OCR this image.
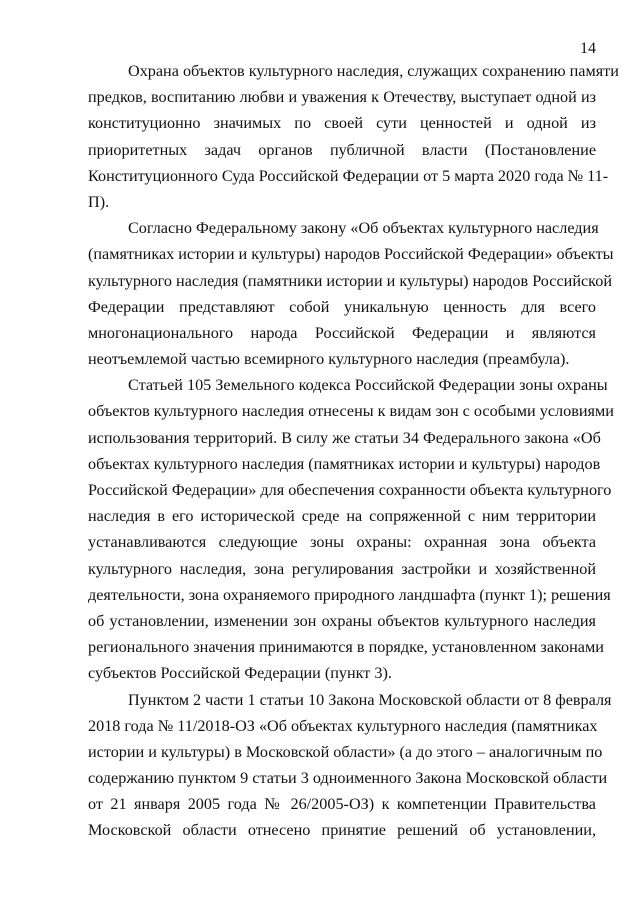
14
Охрана объектов культурного наследия, служащих сохранению памяти
предков, воспитанию любви и уважения к Отечеству, выступает одной из
конституционно значимых по своей сути ценностей и одной из
приоритетных задач органов публичной власти (Постановление
Конституционного Суда Российской Федерации от 5 марта 2020 года № 11-
П).
Согласно Федеральному закону «Об объектах культурного наследия
(памятниках истории и культуры) народов Российской Федерации» объекты
культурного наследия (памятники истории и культуры) народов Российской
Федерации представляют собой уникальную ценность для всего
многонационального народа Российской Федерации и являются
неотъемлемой частью всемирного культурного наследия (преамбула).
Статьей 105 Земельного кодекса Российской Федерации зоны охраны
объектов культурного наследия отнесены к видам зон с особыми условиями
использования территорий. В силу же статьи 34 Федерального закона «Об
объектах культурного наследия (памятниках истории и культуры) народов
Российской Федерации» для обеспечения сохранности объекта культурного
наследия в его исторической среде на сопряженной с ним территории
устанавливаются следующие зоны охраны: охранная зона объекта
культурного наследия, зона регулирования застройки и хозяйственной
деятельности, зона охраняемого природного ландшафта (пункт 1); решения
об установлении, изменении зон охраны объектов культурного наследия
регионального значения принимаются в порядке, установленном законами
субъектов Российской Федерации (пункт 3).
Пунктом 2 части 1 статьи 10 Закона Московской области от 8 февраля
2018 года № 11/2018-ОЗ «Об объектах культурного наследия (памятниках
истории и культуры) в Московской области» (а до этого – аналогичным по
содержанию пунктом 9 статьи 3 одноименного Закона Московской области
от 21 января 2005 года № 26/2005-ОЗ) к компетенции Правительства
Московской области отнесено принятие решений об установлении,
